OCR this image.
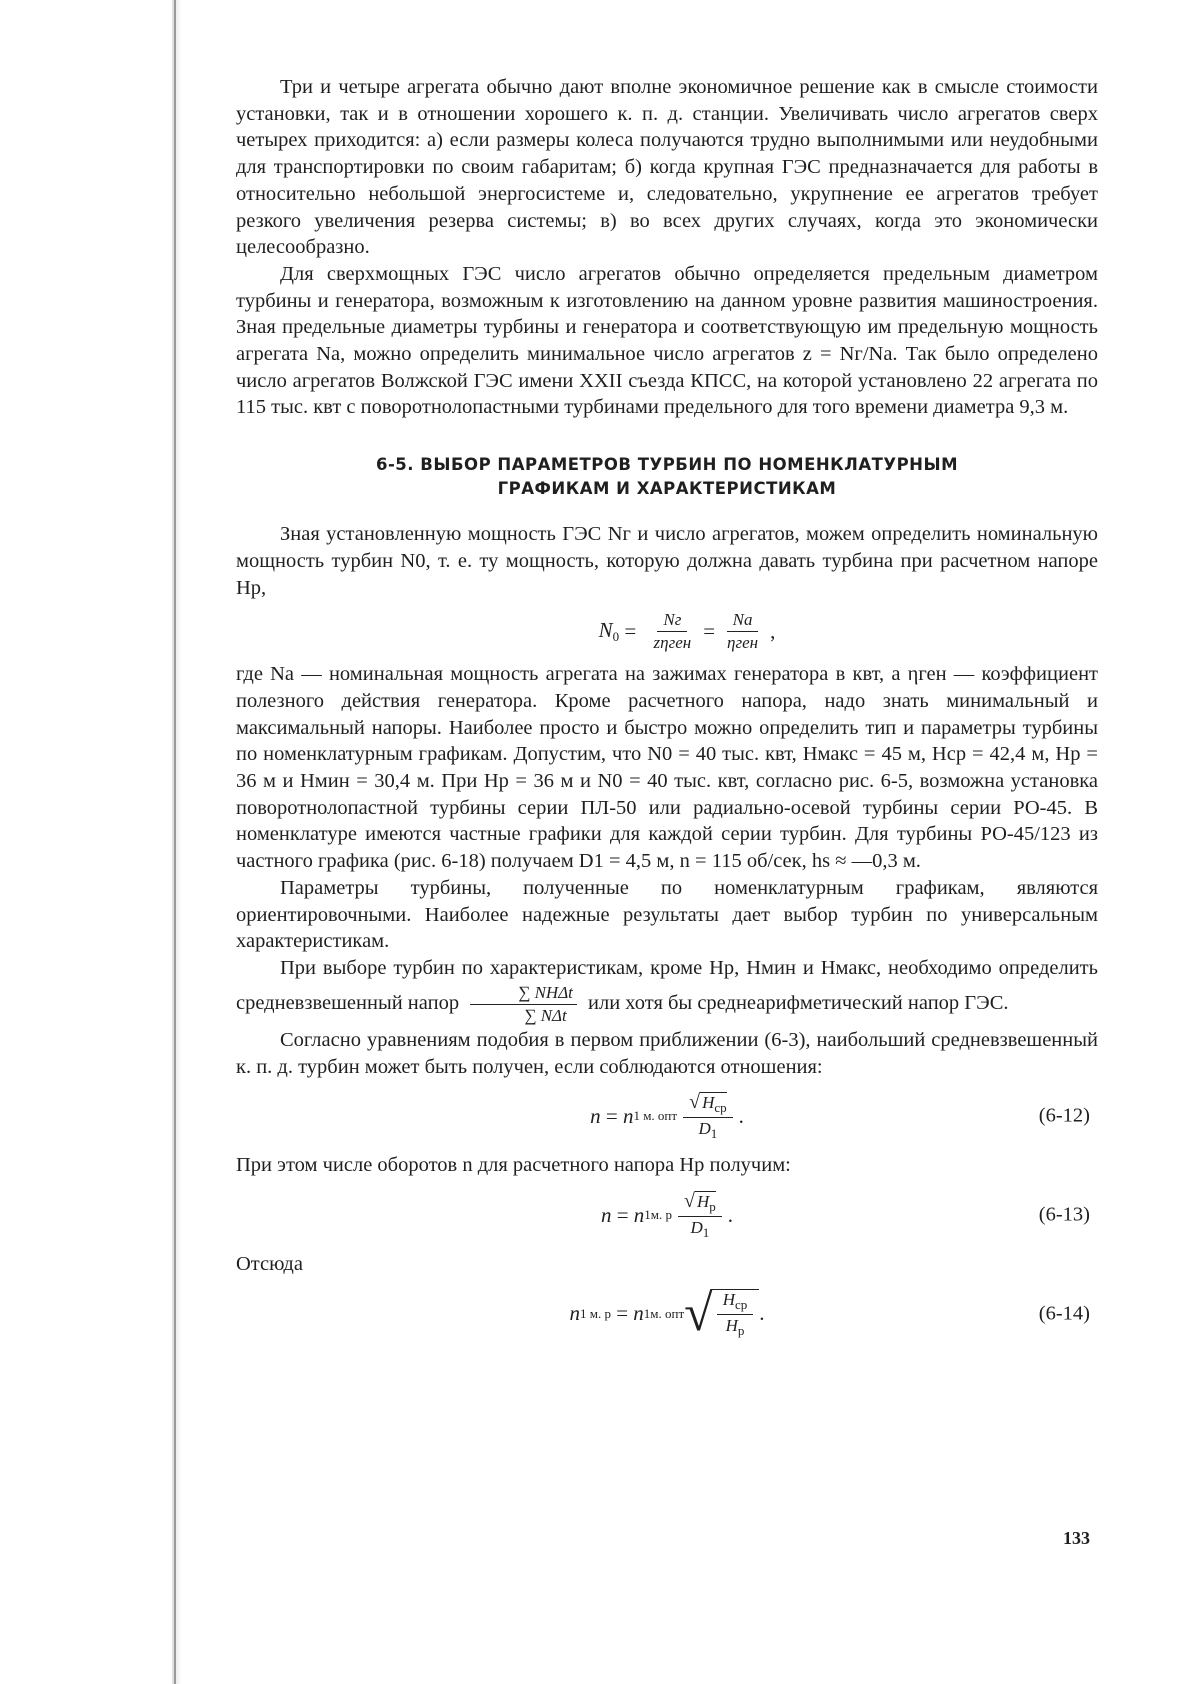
Три и четыре агрегата обычно дают вполне экономичное решение как в смысле стоимости установки, так и в отношении хорошего к. п. д. станции. Увеличивать число агрегатов сверх четырех приходится: а) если размеры колеса получаются трудно выполнимыми или неудобными для транспортировки по своим габаритам; б) когда крупная ГЭС предназначается для работы в относительно небольшой энергосистеме и, следовательно, укрупнение ее агрегатов требует резкого увеличения резерва системы; в) во всех других случаях, когда это экономически целесообразно.

Для сверхмощных ГЭС число агрегатов обычно определяется предельным диаметром турбины и генератора, возможным к изготовлению на данном уровне развития машиностроения. Зная предельные диаметры турбины и генератора и соответствующую им предельную мощность агрегата Nа, можно определить минимальное число агрегатов z = Nг/Nа. Так было определено число агрегатов Волжской ГЭС имени XXII съезда КПСС, на которой установлено 22 агрегата по 115 тыс. квт с поворотнолопастными турбинами предельного для того времени диаметра 9,3 м.

6-5. ВЫБОР ПАРАМЕТРОВ ТУРБИН ПО НОМЕНКЛАТУРНЫМ
ГРАФИКАМ И ХАРАКТЕРИСТИКАМ

Зная установленную мощность ГЭС Nг и число агрегатов, можем определить номинальную мощность турбин N0, т. е. ту мощность, которую должна давать турбина при расчетном напоре Hр,

$N_0 = \frac{Nг}{\text{zηген}} = \frac{Nа}{\text{ηген}}$ ,

где Nа — номинальная мощность агрегата на зажимах генератора в квт, а ηген — коэффициент полезного действия генератора. Кроме расчетного напора, надо знать минимальный и максимальный напоры. Наиболее просто и быстро можно определить тип и параметры турбины по номенклатурным графикам. Допустим, что N0 = 40 тыс. квт, Hмакс = 45 м, Hср = 42,4 м, Hр = 36 м и Hмин = 30,4 м. При Hр = 36 м и N0 = 40 тыс. квт, согласно рис. 6-5, возможна установка поворотнолопастной турбины серии ПЛ-50 или радиально-осевой турбины серии РО-45. В номенклатуре имеются частные графики для каждой серии турбин. Для турбины РО-45/123 из частного графика (рис. 6-18) получаем D1 = 4,5 м, n = 115 об/сек, hs ≈ —0,3 м.

Параметры турбины, полученные по номенклатурным графикам, являются ориентировочными. Наиболее надежные результаты дает выбор турбин по универсальным характеристикам.

При выборе турбин по характеристикам, кроме Hр, Hмин и Hмакс, необходимо определить средневзвешенный напор $\frac{\text{∑ NHΔt}}{\text{∑ NΔt}}$ или хотя бы среднеарифметический напор ГЭС.

Согласно уравнениям подобия в первом приближении (6-3), наибольший средневзвешенный к. п. д. турбин может быть получен, если соблюдаются отношения:

n = n 1 м. опт $\frac{√ H_{ср}}{D_1}$ .	(6-12)

При этом числе оборотов n для расчетного напора Hр получим:

n = n 1м. р $\frac{√ H_р}{D_1}$ .	(6-13)

Отсюда

n 1 м. р = n 1м. опт √ $\frac{H_{ср}}{H_р}$ .	(6-14)
133
